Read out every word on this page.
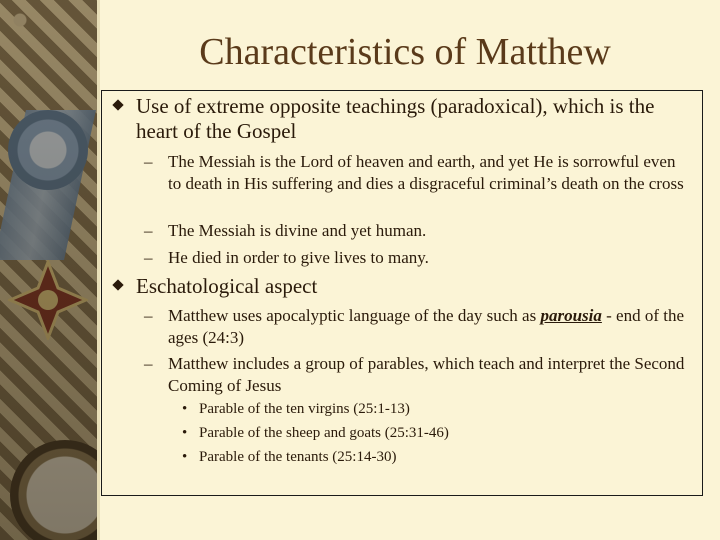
Characteristics of Matthew
Use of extreme opposite teachings (paradoxical), which is the heart of the Gospel
– The Messiah is the Lord of heaven and earth, and yet He is sorrowful even to death in His suffering and dies a disgraceful criminal’s death on the cross
– The Messiah is divine and yet human.
– He died in order to give lives to many.
Eschatological aspect
– Matthew uses apocalyptic language of the day such as parousia - end of the ages (24:3)
– Matthew includes a group of parables, which teach and interpret the Second Coming of Jesus
• Parable of the ten virgins (25:1-13)
• Parable of the sheep and goats (25:31-46)
• Parable of the tenants (25:14-30)
